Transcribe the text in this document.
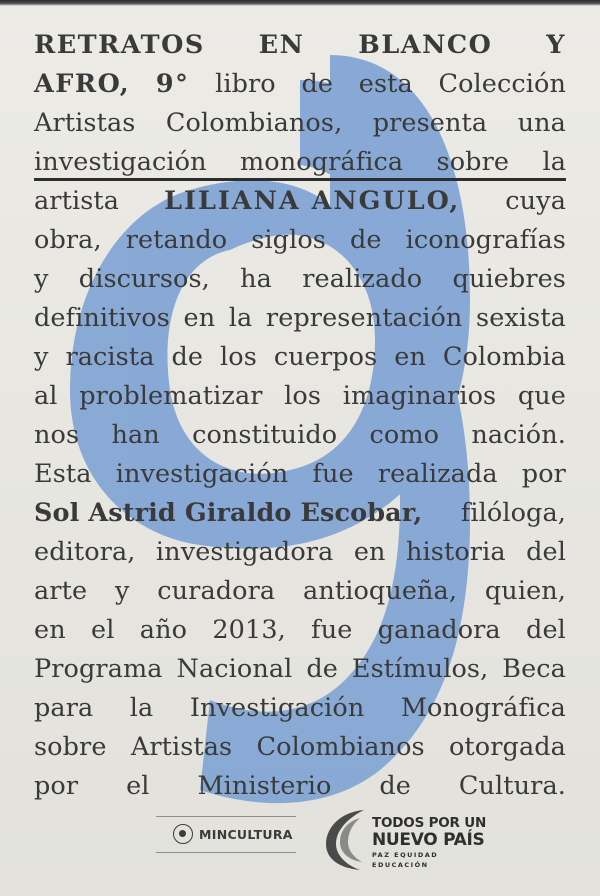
RETRATOS EN BLANCO Y
AFRO, 9° libro de esta Colección
Artistas Colombianos, presenta una
investigación monográfica sobre la
artista LILIANA ANGULO, cuya
obra, retando siglos de iconografías
y discursos, ha realizado quiebres
definitivos en la representación sexista
y racista de los cuerpos en Colombia
al problematizar los imaginarios que
nos han constituido como nación.
Esta investigación fue realizada por
Sol Astrid Giraldo Escobar, filóloga,
editora, investigadora en historia del
arte y curadora antioqueña, quien,
en el año 2013, fue ganadora del
Programa Nacional de Estímulos, Beca
para la Investigación Monográfica
sobre Artistas Colombianos otorgada
por el Ministerio de Cultura.
MINCULTURA
TODOS POR UN
NUEVO PAÍS
PAZ EQUIDAD EDUCACIÓN
